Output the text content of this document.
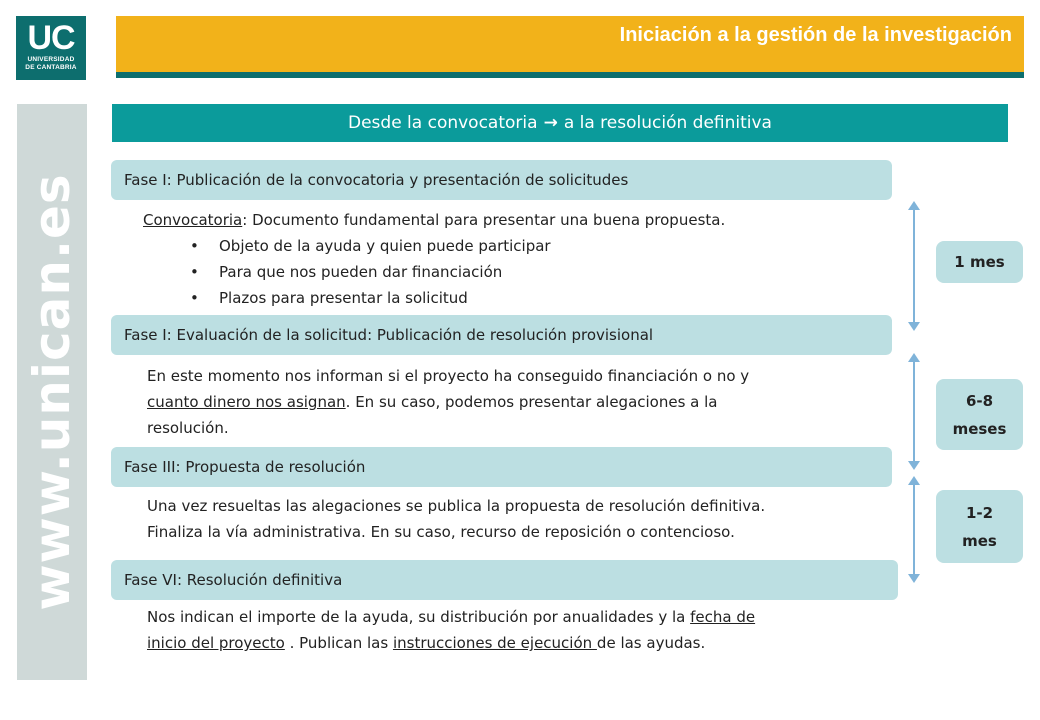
UC
UNIVERSIDAD
DE CANTABRIA
Iniciación a la gestión de la investigación
www.unican.es
Desde la convocatoria → a la resolución definitiva
Fase I: Publicación de la convocatoria y presentación de solicitudes
Convocatoria: Documento fundamental para presentar una buena propuesta.
• Objeto de la ayuda y quien puede participar
• Para que nos pueden dar financiación
• Plazos para presentar la solicitud
Fase I: Evaluación de la solicitud: Publicación de resolución provisional
En este momento nos informan si el proyecto ha conseguido financiación o no y
cuanto dinero nos asignan. En su caso, podemos presentar alegaciones a la
resolución.
Fase III: Propuesta de resolución
Una vez resueltas las alegaciones se publica la propuesta de resolución definitiva.
Finaliza la vía administrativa. En su caso, recurso de reposición o contencioso.
Fase VI: Resolución definitiva
Nos indican el importe de la ayuda, su distribución por anualidades y la fecha de
inicio del proyecto . Publican las instrucciones de ejecución de las ayudas.
1 mes
6-8
meses
1-2
mes
